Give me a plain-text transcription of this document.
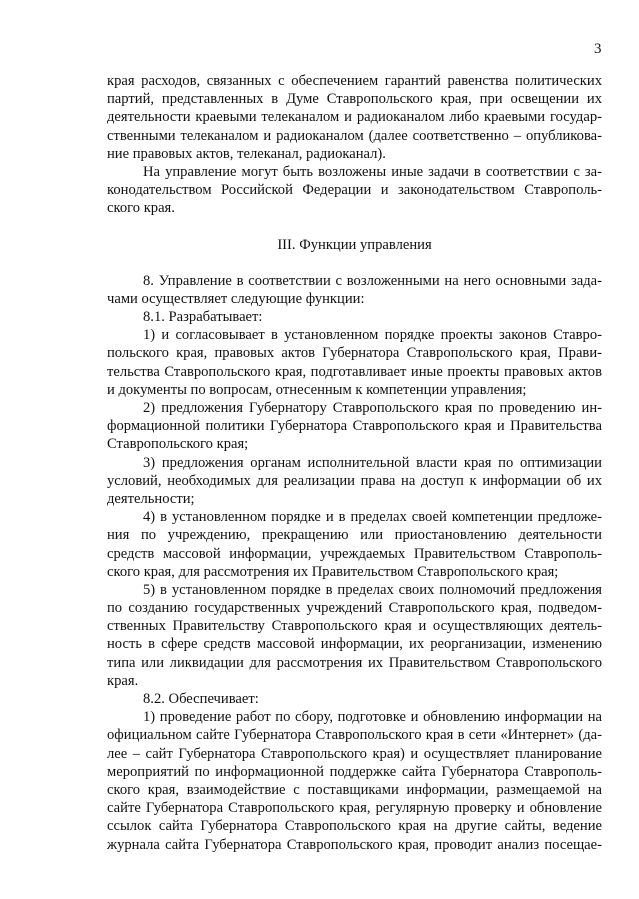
3
края расходов, связанных с обеспечением гарантий равенства политических
партий, представленных в Думе Ставропольского края, при освещении их
деятельности краевыми телеканалом и радиоканалом либо краевыми государ-
ственными телеканалом и радиоканалом (далее соответственно – опубликова-
ние правовых актов, телеканал, радиоканал).
На управление могут быть возложены иные задачи в соответствии с за-
конодательством Российской Федерации и законодательством Ставрополь-
ского края.
III. Функции управления
8. Управление в соответствии с возложенными на него основными зада-
чами осуществляет следующие функции:
8.1. Разрабатывает:
1) и согласовывает в установленном порядке проекты законов Ставро-
польского края, правовых актов Губернатора Ставропольского края, Прави-
тельства Ставропольского края, подготавливает иные проекты правовых актов
и документы по вопросам, отнесенным к компетенции управления;
2) предложения Губернатору Ставропольского края по проведению ин-
формационной политики Губернатора Ставропольского края и Правительства
Ставропольского края;
3) предложения органам исполнительной власти края по оптимизации
условий, необходимых для реализации права на доступ к информации об их
деятельности;
4) в установленном порядке и в пределах своей компетенции предложе-
ния по учреждению, прекращению или приостановлению деятельности
средств массовой информации, учреждаемых Правительством Ставрополь-
ского края, для рассмотрения их Правительством Ставропольского края;
5) в установленном порядке в пределах своих полномочий предложения
по созданию государственных учреждений Ставропольского края, подведом-
ственных Правительству Ставропольского края и осуществляющих деятель-
ность в сфере средств массовой информации, их реорганизации, изменению
типа или ликвидации для рассмотрения их Правительством Ставропольского
края.
8.2. Обеспечивает:
1) проведение работ по сбору, подготовке и обновлению информации на
официальном сайте Губернатора Ставропольского края в сети «Интернет» (да-
лее – сайт Губернатора Ставропольского края) и осуществляет планирование
мероприятий по информационной поддержке сайта Губернатора Ставрополь-
ского края, взаимодействие с поставщиками информации, размещаемой на
сайте Губернатора Ставропольского края, регулярную проверку и обновление
ссылок сайта Губернатора Ставропольского края на другие сайты, ведение
журнала сайта Губернатора Ставропольского края, проводит анализ посещае-
